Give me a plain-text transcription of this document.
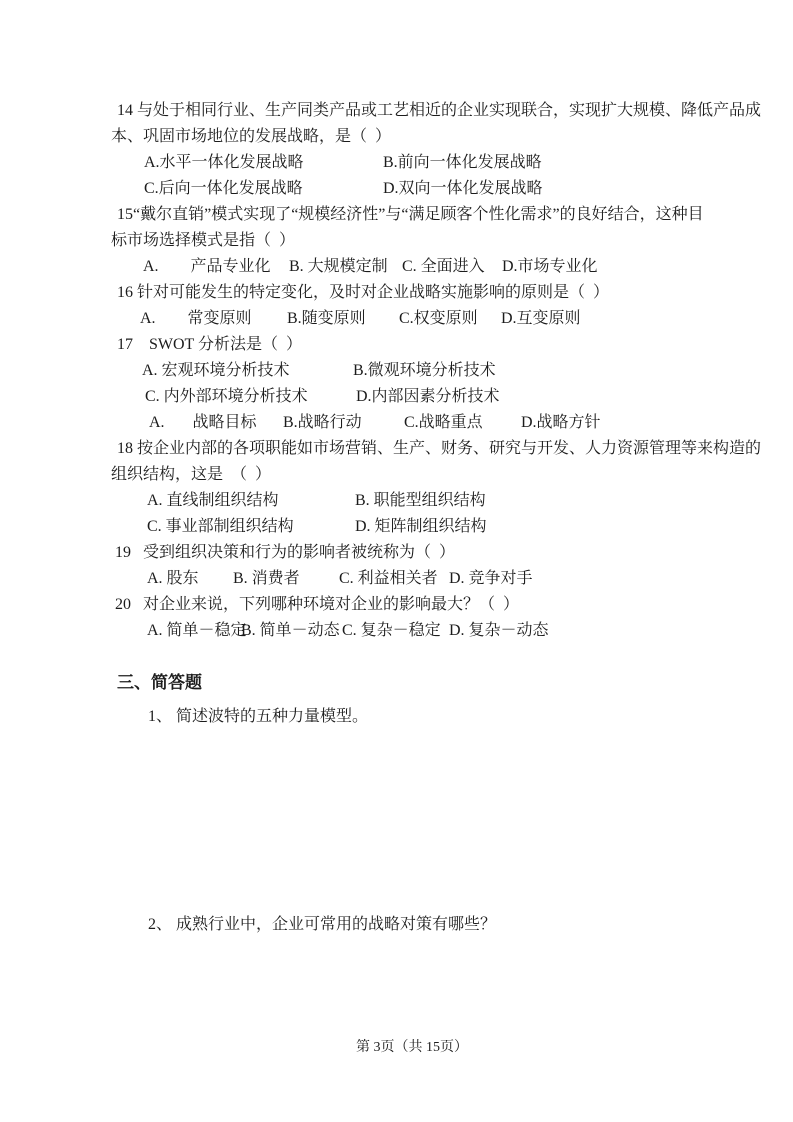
14 与处于相同行业、生产同类产品或工艺相近的企业实现联合，实现扩大规模、降低产品成
本、巩固市场地位的发展战略，是（  ）

A.水平一体化发展战略

	B.前向一体化发展战略

C.后向一体化发展战略

	D.双向一体化发展战略

15“戴尔直销”模式实现了“规模经济性”与“满足顾客个性化需求”的良好结合，这种目
标市场选择模式是指（  ）

A.        产品专业化

B. 大规模定制

C. 全面进入

D.市场专业化

16 针对可能发生的特定变化，及时对企业战略实施影响的原则是（  ）

A.        常变原则

B.随变原则

C.权变原则

D.互变原则

17    SWOT 分析法是（  ）

A. 宏观环境分析技术

	B.微观环境分析技术

C. 内外部环境分析技术

	D.内部因素分析技术

A.       战略目标

B.战略行动

	C.战略重点

D.战略方针

18 按企业内部的各项职能如市场营销、生产、财务、研究与开发、人力资源管理等来构造的
组织结构，这是  （  ）

A. 直线制组织结构

	B. 职能型组织结构

C. 事业部制组织结构

	D. 矩阵制组织结构

19   受到组织决策和行为的影响者被统称为（  ）

A. 股东

B. 消费者

C. 利益相关者

D. 竞争对手

20   对企业来说，下列哪种环境对企业的影响最大？（  ）

A. 简单－稳定

B. 简单－动态

C. 复杂－稳定

D. 复杂－动态

三、简答题
1、 简述波特的五种力量模型。
2、 成熟行业中，企业可常用的战略对策有哪些？
第 3页（共 15页）
